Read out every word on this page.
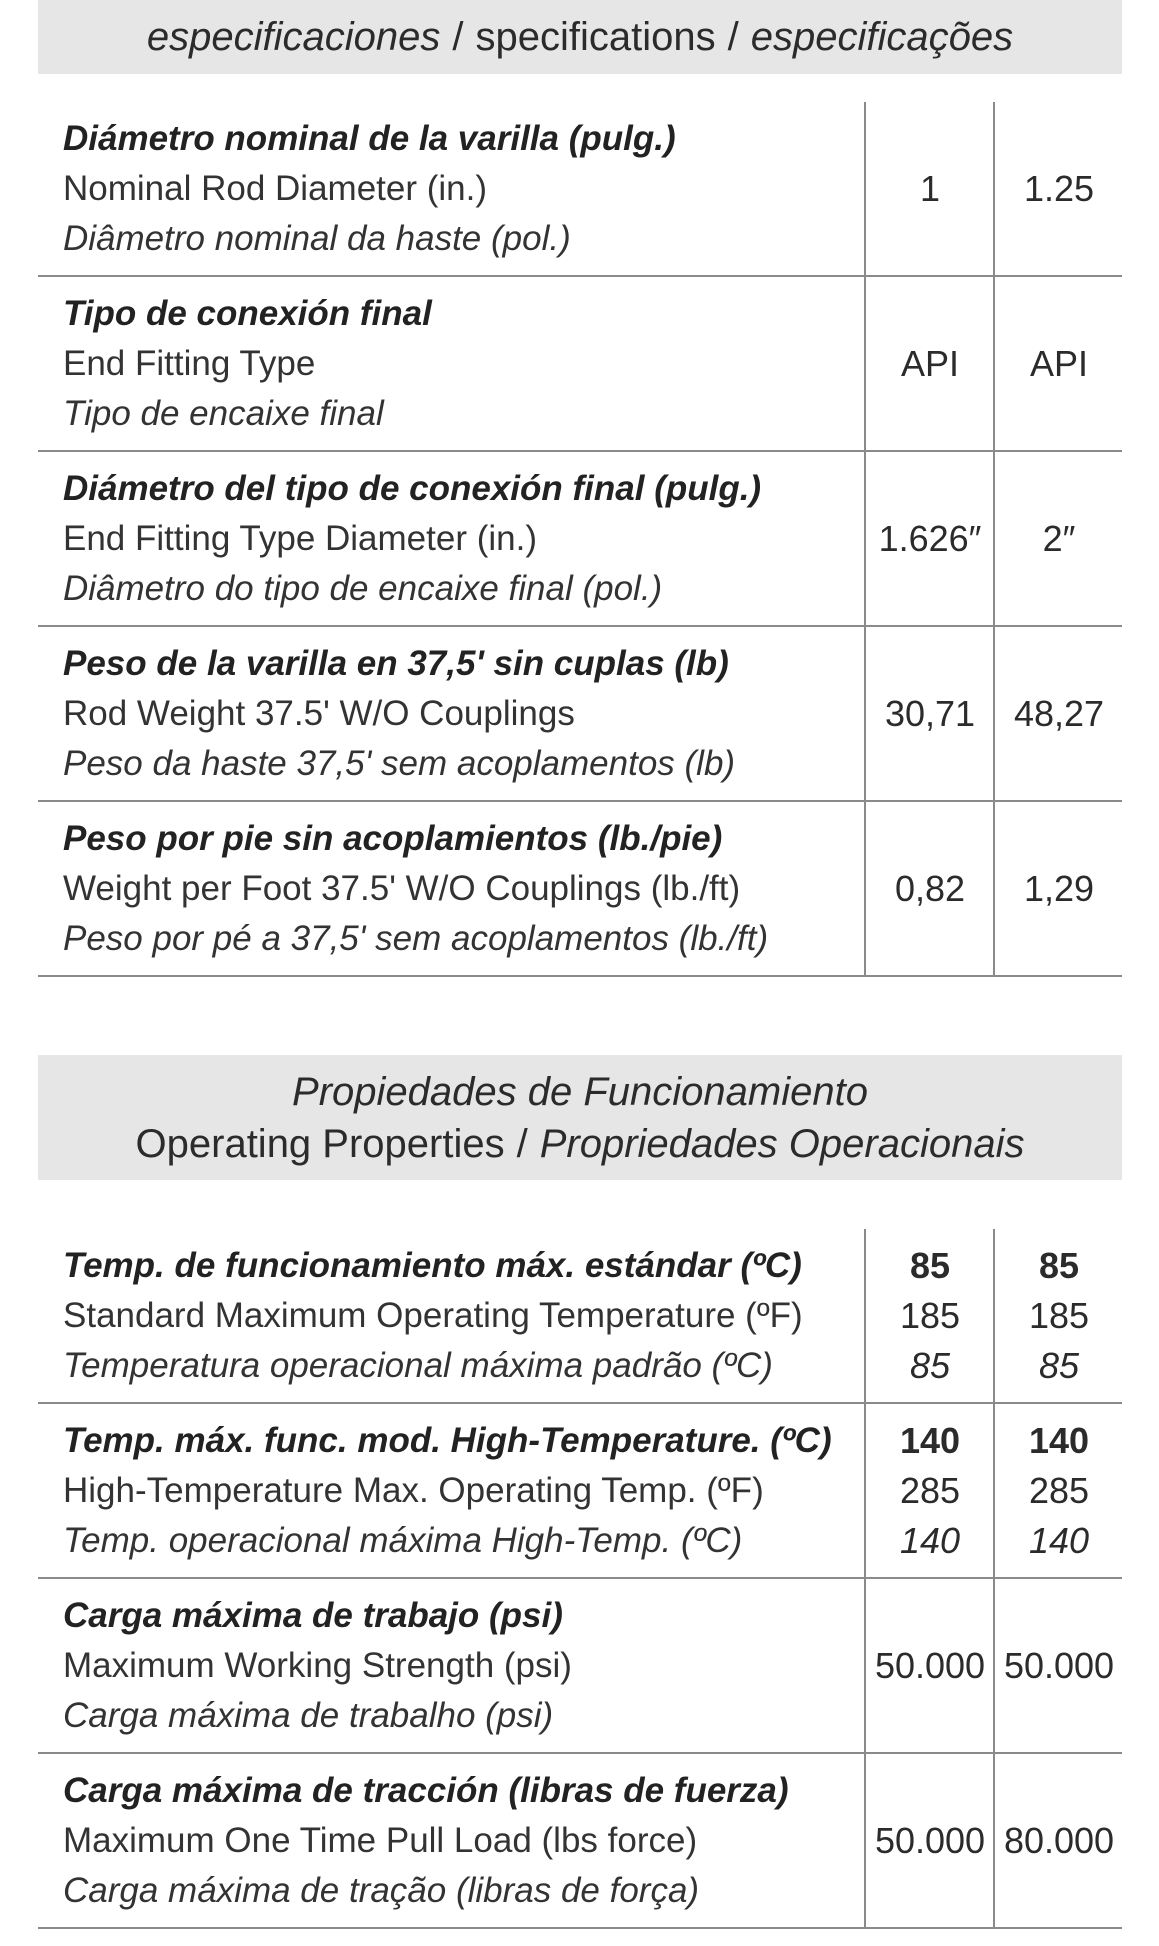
especificaciones / specifications / especificações
Diámetro nominal de la varilla (pulg.)
Nominal Rod Diameter (in.)
Diâmetro nominal da haste (pol.)
1 1.25
Tipo de conexión final
End Fitting Type
Tipo de encaixe final
API API
Diámetro del tipo de conexión final (pulg.)
End Fitting Type Diameter (in.)
Diâmetro do tipo de encaixe final (pol.)
1.626″ 2″
Peso de la varilla en 37,5' sin cuplas (lb)
Rod Weight 37.5' W/O Couplings
Peso da haste 37,5' sem acoplamentos (lb)
30,71 48,27
Peso por pie sin acoplamientos (lb./pie)
Weight per Foot 37.5' W/O Couplings (lb./ft)
Peso por pé a 37,5' sem acoplamentos (lb./ft)
0,82 1,29
Propiedades de Funcionamiento
Operating Properties / Propriedades Operacionais
Temp. de funcionamiento máx. estándar (ºC)
Standard Maximum Operating Temperature (ºF)
Temperatura operacional máxima padrão (ºC)
85
185
85
85
185
85
Temp. máx. func. mod. High-Temperature. (ºC)
High-Temperature Max. Operating Temp. (ºF)
Temp. operacional máxima High-Temp. (ºC)
140
285
140
140
285
140
Carga máxima de trabajo (psi)
Maximum Working Strength (psi)
Carga máxima de trabalho (psi)
50.000 50.000
Carga máxima de tracción (libras de fuerza)
Maximum One Time Pull Load (lbs force)
Carga máxima de tração (libras de força)
50.000 80.000
